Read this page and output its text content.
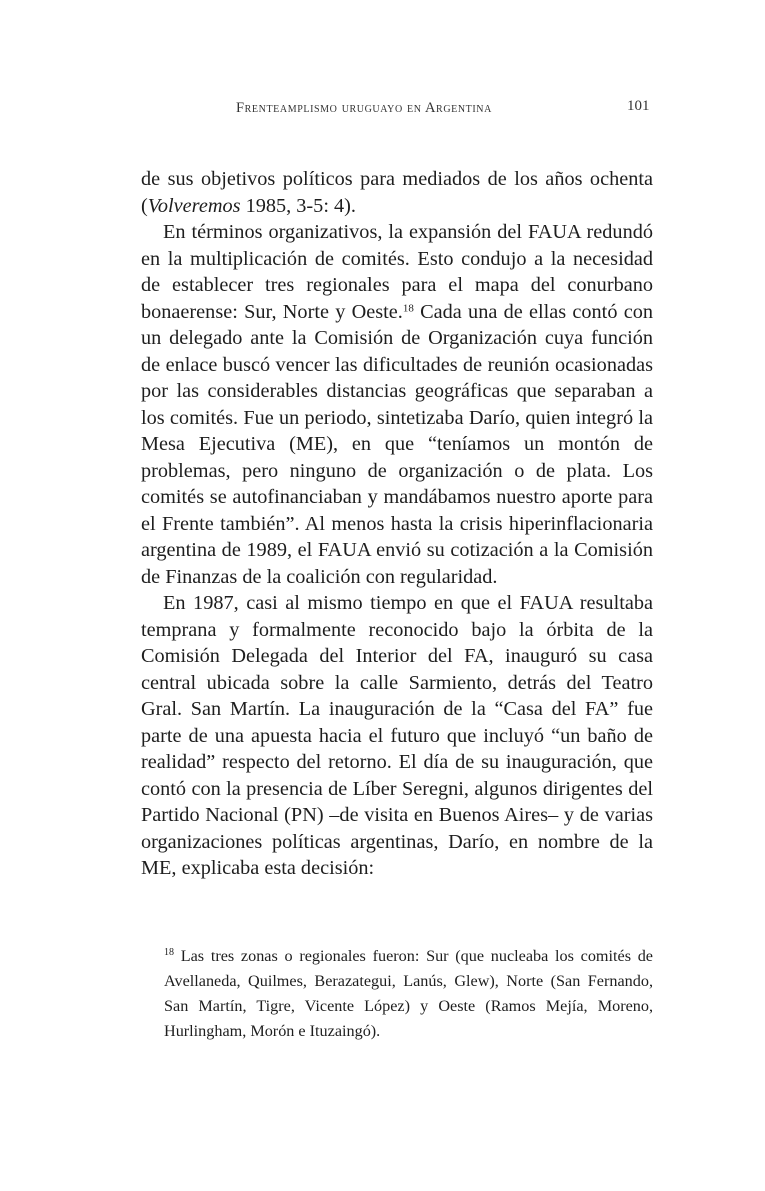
Frenteamplismo uruguayo en Argentina	101

de sus objetivos políticos para mediados de los años ochenta (Volveremos 1985, 3-5: 4).

En términos organizativos, la expansión del FAUA redundó en la multiplicación de comités. Esto condujo a la necesidad de establecer tres regionales para el mapa del conurbano bonaerense: Sur, Norte y Oeste.$^{18}$ Cada una de ellas contó con un delegado ante la Comisión de Organización cuya función de enlace buscó vencer las dificultades de reunión ocasionadas por las considerables distancias geográficas que separaban a los comités. Fue un periodo, sintetizaba Darío, quien integró la Mesa Ejecutiva (ME), en que “teníamos un montón de problemas, pero ninguno de organización o de plata. Los comités se autofinanciaban y mandábamos nuestro aporte para el Frente también”. Al menos hasta la crisis hiperinflacionaria argentina de 1989, el FAUA envió su cotización a la Comisión de Finanzas de la coalición con regularidad.

En 1987, casi al mismo tiempo en que el FAUA resultaba temprana y formalmente reconocido bajo la órbita de la Comisión Delegada del Interior del FA, inauguró su casa central ubicada sobre la calle Sarmiento, detrás del Teatro Gral. San Martín. La inauguración de la “Casa del FA” fue parte de una apuesta hacia el futuro que incluyó “un baño de realidad” respecto del retorno. El día de su inauguración, que contó con la presencia de Líber Seregni, algunos dirigentes del Partido Nacional (PN) –de visita en Buenos Aires– y de varias organizaciones políticas argentinas, Darío, en nombre de la ME, explicaba esta decisión:

$^{18}$ Las tres zonas o regionales fueron: Sur (que nucleaba los comités de Avellaneda, Quilmes, Berazategui, Lanús, Glew), Norte (San Fernando, San Martín, Tigre, Vicente López) y Oeste (Ramos Mejía, Moreno, Hurlingham, Morón e Ituzaingó).
